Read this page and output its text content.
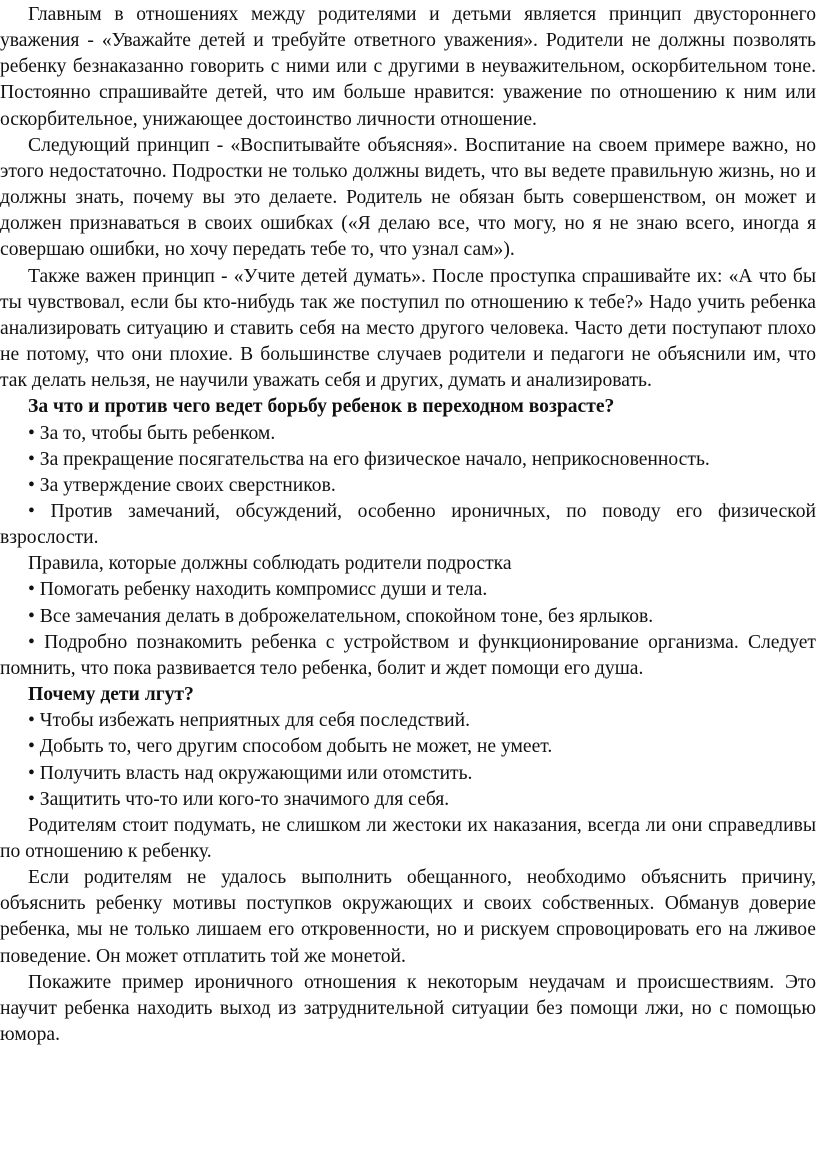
Главным в отношениях между родителями и детьми является принцип двустороннего уважения - «Уважайте детей и требуйте ответного уважения». Родители не должны позволять ребенку безнаказанно говорить с ними или с другими в неуважительном, оскорбительном тоне. Постоянно спрашивайте детей, что им больше нравится: уважение по отношению к ним или оскорбительное, унижающее достоинство личности отношение.

Следующий принцип - «Воспитывайте объясняя». Воспитание на своем примере важно, но этого недостаточно. Подростки не только должны видеть, что вы ведете правильную жизнь, но и должны знать, почему вы это делаете. Родитель не обязан быть совершенством, он может и должен признаваться в своих ошибках («Я делаю все, что могу, но я не знаю всего, иногда я совершаю ошибки, но хочу передать тебе то, что узнал сам»).

Также важен принцип - «Учите детей думать». После проступка спрашивайте их: «А что бы ты чувствовал, если бы кто-нибудь так же поступил по отношению к тебе?» Надо учить ребенка анализировать ситуацию и ставить себя на место другого человека. Часто дети поступают плохо не потому, что они плохие. В большинстве случаев родители и педагоги не объяснили им, что так делать нельзя, не научили уважать себя и других, думать и анализировать.

За что и против чего ведет борьбу ребенок в переходном возрасте?

• За то, чтобы быть ребенком.

• За прекращение посягательства на его физическое начало, неприкосновенность.

• За утверждение своих сверстников.

• Против замечаний, обсуждений, особенно ироничных, по поводу его физической взрослости.

Правила, которые должны соблюдать родители подростка

• Помогать ребенку находить компромисс души и тела.

• Все замечания делать в доброжелательном, спокойном тоне, без ярлыков.

• Подробно познакомить ребенка с устройством и функционирование организма. Следует помнить, что пока развивается тело ребенка, болит и ждет помощи его душа.

Почему дети лгут?

• Чтобы избежать неприятных для себя последствий.

• Добыть то, чего другим способом добыть не может, не умеет.

• Получить власть над окружающими или отомстить.

• Защитить что-то или кого-то значимого для себя.

Родителям стоит подумать, не слишком ли жестоки их наказания, всегда ли они справедливы по отношению к ребенку.

Если родителям не удалось выполнить обещанного, необходимо объяснить причину, объяснить ребенку мотивы поступков окружающих и своих собственных. Обманув доверие ребенка, мы не только лишаем его откровенности, но и рискуем спровоцировать его на лживое поведение. Он может отплатить той же монетой.

Покажите пример ироничного отношения к некоторым неудачам и происшествиям. Это научит ребенка находить выход из затруднительной ситуации без помощи лжи, но с помощью юмора.
